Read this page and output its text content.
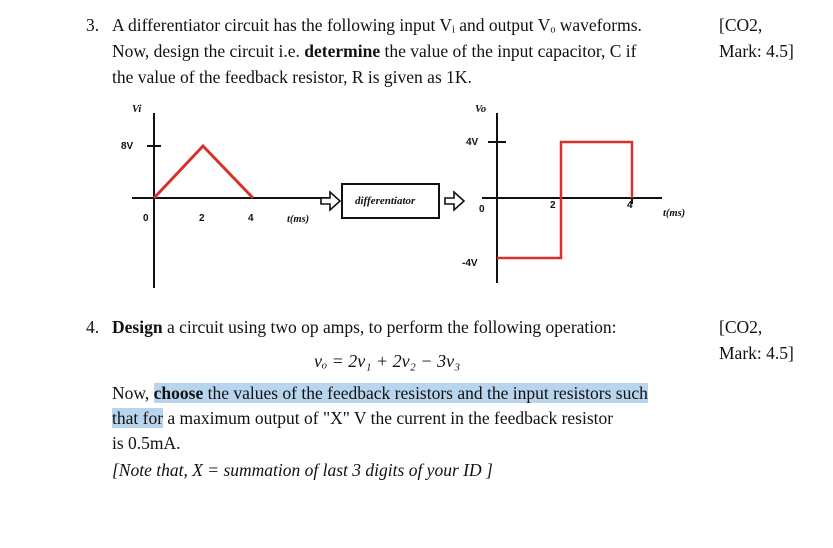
3. A differentiator circuit has the following input Vᵢ and output Vₒ waveforms.
Now, design the circuit i.e. determine the value of the input capacitor, C if
the value of the feedback resistor, R is given as 1K.
[CO2,
Mark: 4.5]
Vi
8V
0	2	4	t(ms)
differentiator
Vo
4V
0	2	4
t(ms)
-4V
4. Design a circuit using two op amps, to perform the following operation:
vₒ = 2v₁ + 2v₂ − 3v₃
Now, choose the values of the feedback resistors and the input resistors such
that for a maximum output of "X" V the current in the feedback resistor
is 0.5mA.
[Note that, X = summation of last 3 digits of your ID ]
[CO2,
Mark: 4.5]
